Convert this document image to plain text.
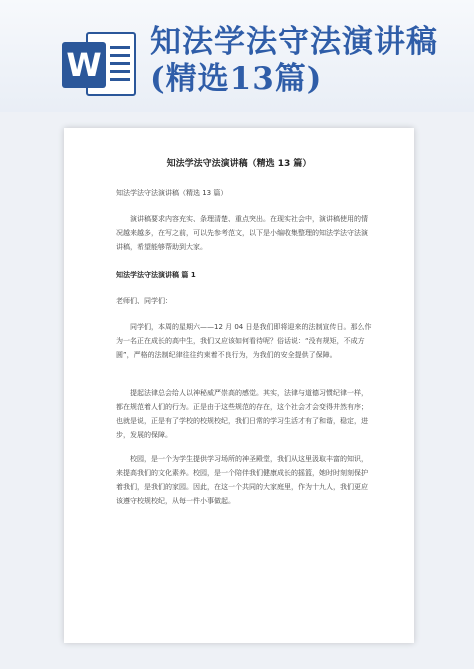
W
知法学法守法演讲稿(精选13篇)
知法学法守法演讲稿（精选 13 篇）
知法学法守法演讲稿（精选 13 篇）
演讲稿要求内容充实、条理清楚、重点突出。在现实社会中，演讲稿使用的情况越来越多，在写之前，可以先参考范文，以下是小编收集整理的知法学法守法演讲稿，希望能够帮助到大家。
知法学法守法演讲稿 篇 1
老师们、同学们：
同学们，本周的星期六——12 月 04 日是我们即将迎来的法制宣传日。那么作为一名正在成长的高中生，我们又应该如何看待呢？俗话说：“没有规矩，不成方圆”，严格的法制纪律往往约束着不良行为，为我们的安全提供了保障。
提起法律总会给人以神秘威严崇高的感觉。其实，法律与道德习惯纪律一样，都在规范着人们的行为。正是由于这些规范的存在，这个社会才会变得井然有序；也就是说，正是有了学校的校规校纪，我们日常的学习生活才有了和谐，稳定，进步，发展的保障。
校园，是一个为学生提供学习场所的神圣殿堂，我们从这里汲取丰富的知识，来提高我们的文化素养。校园，是一个陪伴我们健康成长的摇篮，她时时刻刻保护着我们，是我们的家园。因此，在这一个共同的大家庭里，作为十九人，我们更应该遵守校规校纪，从每一件小事做起。
